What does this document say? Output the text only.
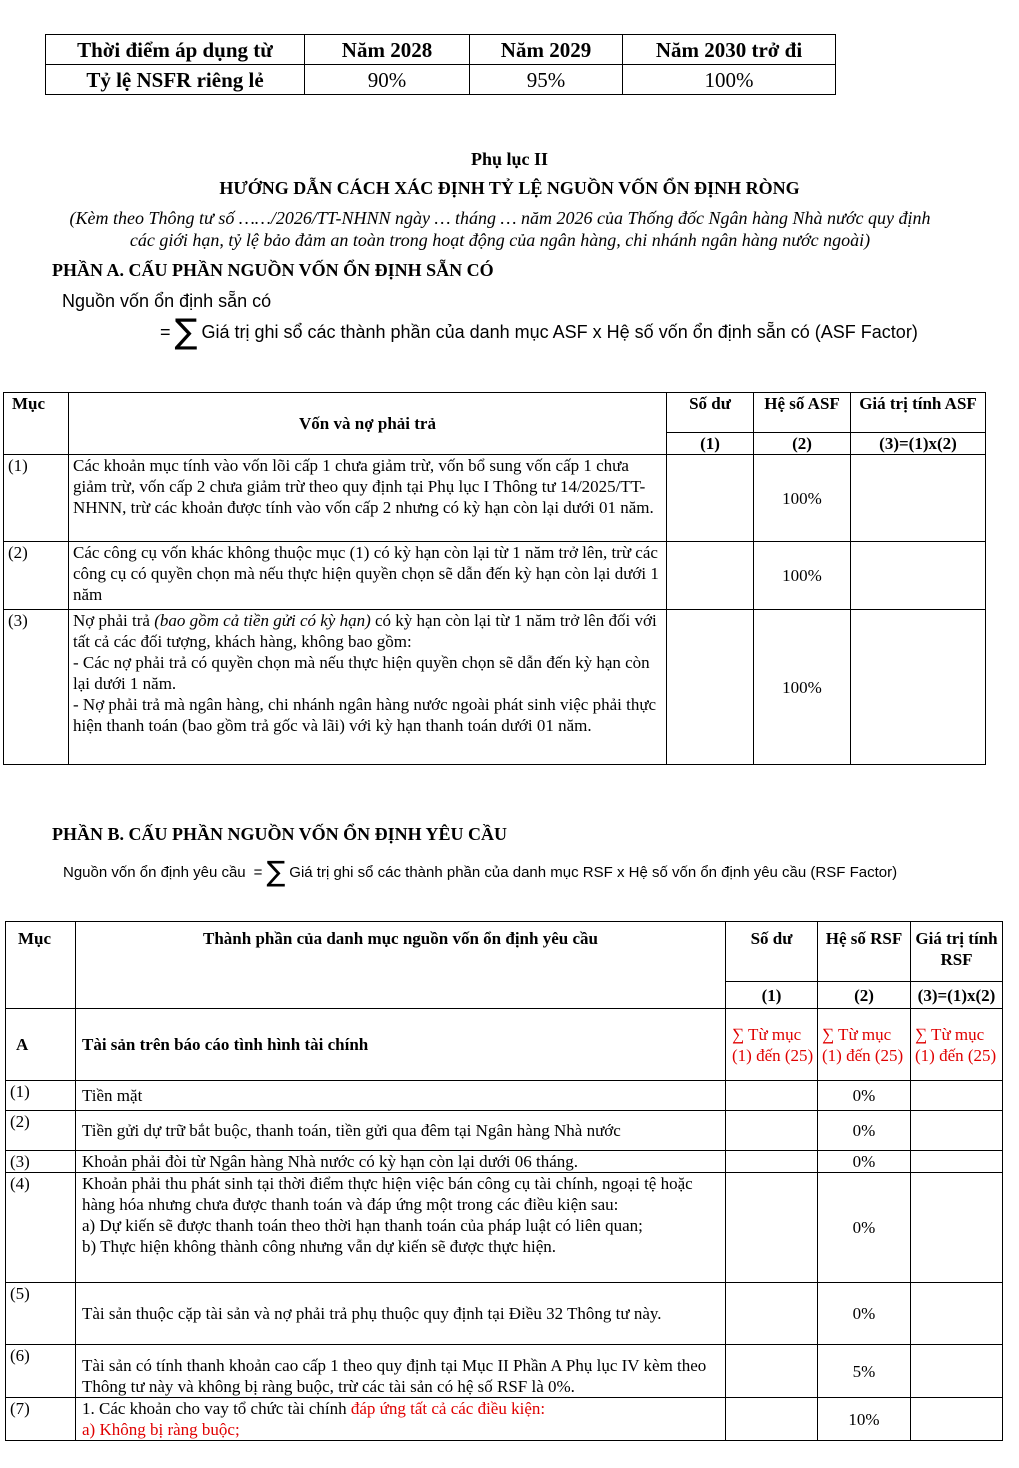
Thời điểm áp dụng từ	Năm 2028	Năm 2029	Năm 2030 trở đi
Tỷ lệ NSFR riêng lẻ	90%	95%	100%
Phụ lục II
HƯỚNG DẪN CÁCH XÁC ĐỊNH TỶ LỆ NGUỒN VỐN ỔN ĐỊNH RÒNG
(Kèm theo Thông tư số ……/2026/TT-NHNN ngày … tháng … năm 2026 của Thống đốc Ngân hàng Nhà nước quy định
các giới hạn, tỷ lệ bảo đảm an toàn trong hoạt động của ngân hàng, chi nhánh ngân hàng nước ngoài)
PHẦN A. CẤU PHẦN NGUỒN VỐN ỔN ĐỊNH SẴN CÓ
Nguồn vốn ổn định sẵn có
= ∑ Giá trị ghi sổ các thành phần của danh mục ASF x Hệ số vốn ổn định sẵn có (ASF Factor)
Mục	Vốn và nợ phải trả	Số dư	Hệ số ASF	Giá trị tính ASF
		(1)	(2)	(3)=(1)x(2)
(1)	Các khoản mục tính vào vốn lõi cấp 1 chưa giảm trừ, vốn bổ sung vốn cấp 1 chưa giảm trừ, vốn cấp 2 chưa giảm trừ theo quy định tại Phụ lục I Thông tư 14/2025/TT-NHNN, trừ các khoản được tính vào vốn cấp 2 nhưng có kỳ hạn còn lại dưới 01 năm.		100%	
(2)	Các công cụ vốn khác không thuộc mục (1) có kỳ hạn còn lại từ 1 năm trở lên, trừ các công cụ có quyền chọn mà nếu thực hiện quyền chọn sẽ dẫn đến kỳ hạn còn lại dưới 1 năm		100%	
(3)	Nợ phải trả (bao gồm cả tiền gửi có kỳ hạn) có kỳ hạn còn lại từ 1 năm trở lên đối với tất cả các đối tượng, khách hàng, không bao gồm:
- Các nợ phải trả có quyền chọn mà nếu thực hiện quyền chọn sẽ dẫn đến kỳ hạn còn lại dưới 1 năm.
- Nợ phải trả mà ngân hàng, chi nhánh ngân hàng nước ngoài phát sinh việc phải thực hiện thanh toán (bao gồm trả gốc và lãi) với kỳ hạn thanh toán dưới 01 năm.		100%	
PHẦN B. CẤU PHẦN NGUỒN VỐN ỔN ĐỊNH YÊU CẦU
Nguồn vốn ổn định yêu cầu = ∑ Giá trị ghi sổ các thành phần của danh mục RSF x Hệ số vốn ổn định yêu cầu (RSF Factor)
Mục	Thành phần của danh mục nguồn vốn ổn định yêu cầu	Số dư	Hệ số RSF	Giá trị tính RSF
		(1)	(2)	(3)=(1)x(2)
A	Tài sản trên báo cáo tình hình tài chính	∑ Từ mục (1) đến (25)	∑ Từ mục (1) đến (25)	∑ Từ mục (1) đến (25)
(1)	Tiền mặt		0%	
(2)	Tiền gửi dự trữ bắt buộc, thanh toán, tiền gửi qua đêm tại Ngân hàng Nhà nước		0%	
(3)	Khoản phải đòi từ Ngân hàng Nhà nước có kỳ hạn còn lại dưới 06 tháng.		0%	
(4)	Khoản phải thu phát sinh tại thời điểm thực hiện việc bán công cụ tài chính, ngoại tệ hoặc hàng hóa nhưng chưa được thanh toán và đáp ứng một trong các điều kiện sau:
a) Dự kiến sẽ được thanh toán theo thời hạn thanh toán của pháp luật có liên quan;
b) Thực hiện không thành công nhưng vẫn dự kiến sẽ được thực hiện.		0%	
(5)	Tài sản thuộc cặp tài sản và nợ phải trả phụ thuộc quy định tại Điều 32 Thông tư này.		0%	
(6)	Tài sản có tính thanh khoản cao cấp 1 theo quy định tại Mục II Phần A Phụ lục IV kèm theo Thông tư này và không bị ràng buộc, trừ các tài sản có hệ số RSF là 0%.		5%	
(7)	1. Các khoản cho vay tổ chức tài chính đáp ứng tất cả các điều kiện:
a) Không bị ràng buộc;		10%	
